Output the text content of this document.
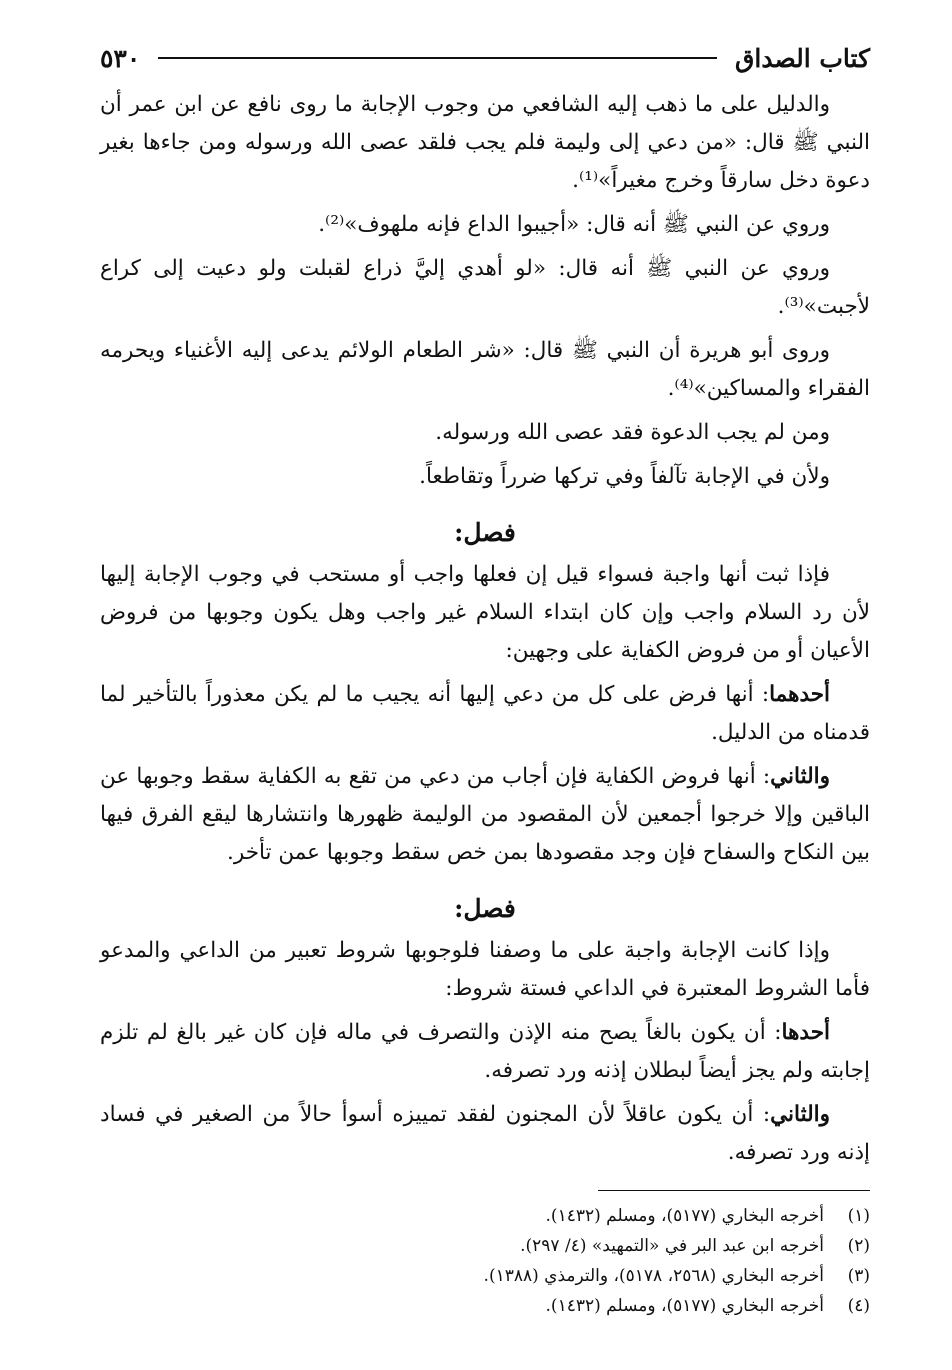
كتاب الصداق
٥٣٠

والدليل على ما ذهب إليه الشافعي من وجوب الإجابة ما روى نافع عن ابن عمر أن النبي ﷺ قال: «من دعي إلى وليمة فلم يجب فلقد عصى الله ورسوله ومن جاءها بغير دعوة دخل سارقاً وخرج مغيراً»⁽¹⁾.

وروي عن النبي ﷺ أنه قال: «أجيبوا الداع فإنه ملهوف»⁽²⁾.

وروي عن النبي ﷺ أنه قال: «لو أهدي إليَّ ذراع لقبلت ولو دعيت إلى كراع لأجبت»⁽³⁾.

وروى أبو هريرة أن النبي ﷺ قال: «شر الطعام الولائم يدعى إليه الأغنياء ويحرمه الفقراء والمساكين»⁽⁴⁾.

ومن لم يجب الدعوة فقد عصى الله ورسوله.

ولأن في الإجابة تآلفاً وفي تركها ضرراً وتقاطعاً.

فصل:

فإذا ثبت أنها واجبة فسواء قيل إن فعلها واجب أو مستحب في وجوب الإجابة إليها لأن رد السلام واجب وإن كان ابتداء السلام غير واجب وهل يكون وجوبها من فروض الأعيان أو من فروض الكفاية على وجهين:

أحدهما: أنها فرض على كل من دعي إليها أنه يجيب ما لم يكن معذوراً بالتأخير لما قدمناه من الدليل.

والثاني: أنها فروض الكفاية فإن أجاب من دعي من تقع به الكفاية سقط وجوبها عن الباقين وإلا خرجوا أجمعين لأن المقصود من الوليمة ظهورها وانتشارها ليقع الفرق فيها بين النكاح والسفاح فإن وجد مقصودها بمن خص سقط وجوبها عمن تأخر.

فصل:

وإذا كانت الإجابة واجبة على ما وصفنا فلوجوبها شروط تعبير من الداعي والمدعو فأما الشروط المعتبرة في الداعي فستة شروط:

أحدها: أن يكون بالغاً يصح منه الإذن والتصرف في ماله فإن كان غير بالغ لم تلزم إجابته ولم يجز أيضاً لبطلان إذنه ورد تصرفه.

والثاني: أن يكون عاقلاً لأن المجنون لفقد تمييزه أسوأ حالاً من الصغير في فساد إذنه ورد تصرفه.

(١)
أخرجه البخاري (٥١٧٧)، ومسلم (١٤٣٢).
(٢)
أخرجه ابن عبد البر في «التمهيد» (٤/ ٢٩٧).
(٣)
أخرجه البخاري (٢٥٦٨، ٥١٧٨)، والترمذي (١٣٨٨).
(٤)
أخرجه البخاري (٥١٧٧)، ومسلم (١٤٣٢).
